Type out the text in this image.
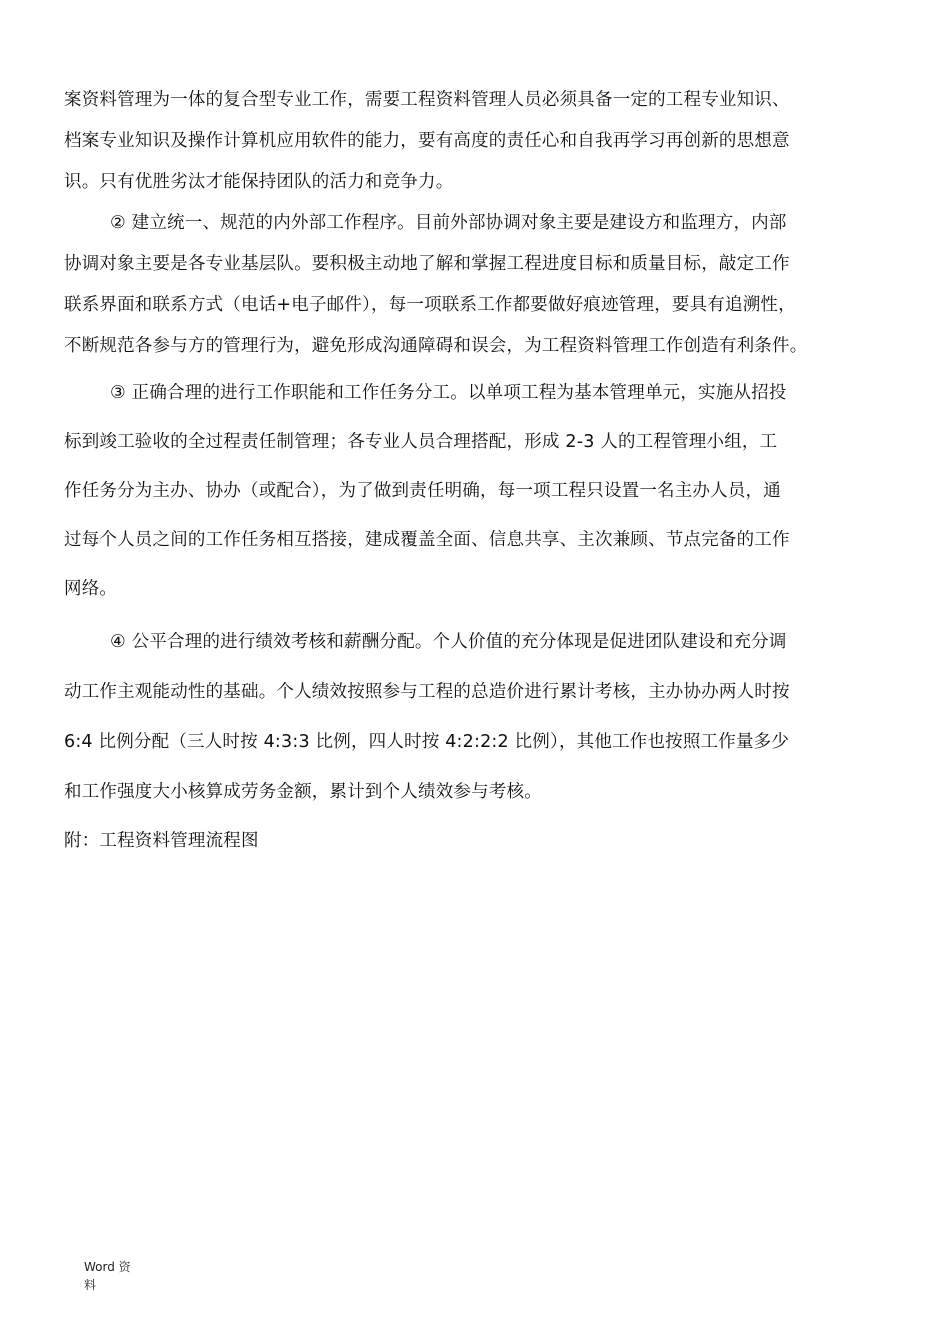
案资料管理为一体的复合型专业工作，需要工程资料管理人员必须具备一定的工程专业知识、
档案专业知识及操作计算机应用软件的能力，要有高度的责任心和自我再学习再创新的思想意
识。只有优胜劣汰才能保持团队的活力和竞争力。

② 建立统一、规范的内外部工作程序。目前外部协调对象主要是建设方和监理方，内部
协调对象主要是各专业基层队。要积极主动地了解和掌握工程进度目标和质量目标，敲定工作
联系界面和联系方式（电话+电子邮件），每一项联系工作都要做好痕迹管理，要具有追溯性，
不断规范各参与方的管理行为，避免形成沟通障碍和误会，为工程资料管理工作创造有利条件。

③ 正确合理的进行工作职能和工作任务分工。以单项工程为基本管理单元，实施从招投
标到竣工验收的全过程责任制管理；各专业人员合理搭配，形成 2-3 人的工程管理小组，工
作任务分为主办、协办（或配合），为了做到责任明确，每一项工程只设置一名主办人员，通
过每个人员之间的工作任务相互搭接，建成覆盖全面、信息共享、主次兼顾、节点完备的工作
网络。

④ 公平合理的进行绩效考核和薪酬分配。个人价值的充分体现是促进团队建设和充分调
动工作主观能动性的基础。个人绩效按照参与工程的总造价进行累计考核，主办协办两人时按
6:4 比例分配（三人时按 4:3:3 比例，四人时按 4:2:2:2 比例），其他工作也按照工作量多少
和工作强度大小核算成劳务金额，累计到个人绩效参与考核。

附：工程资料管理流程图

Word 资
料
